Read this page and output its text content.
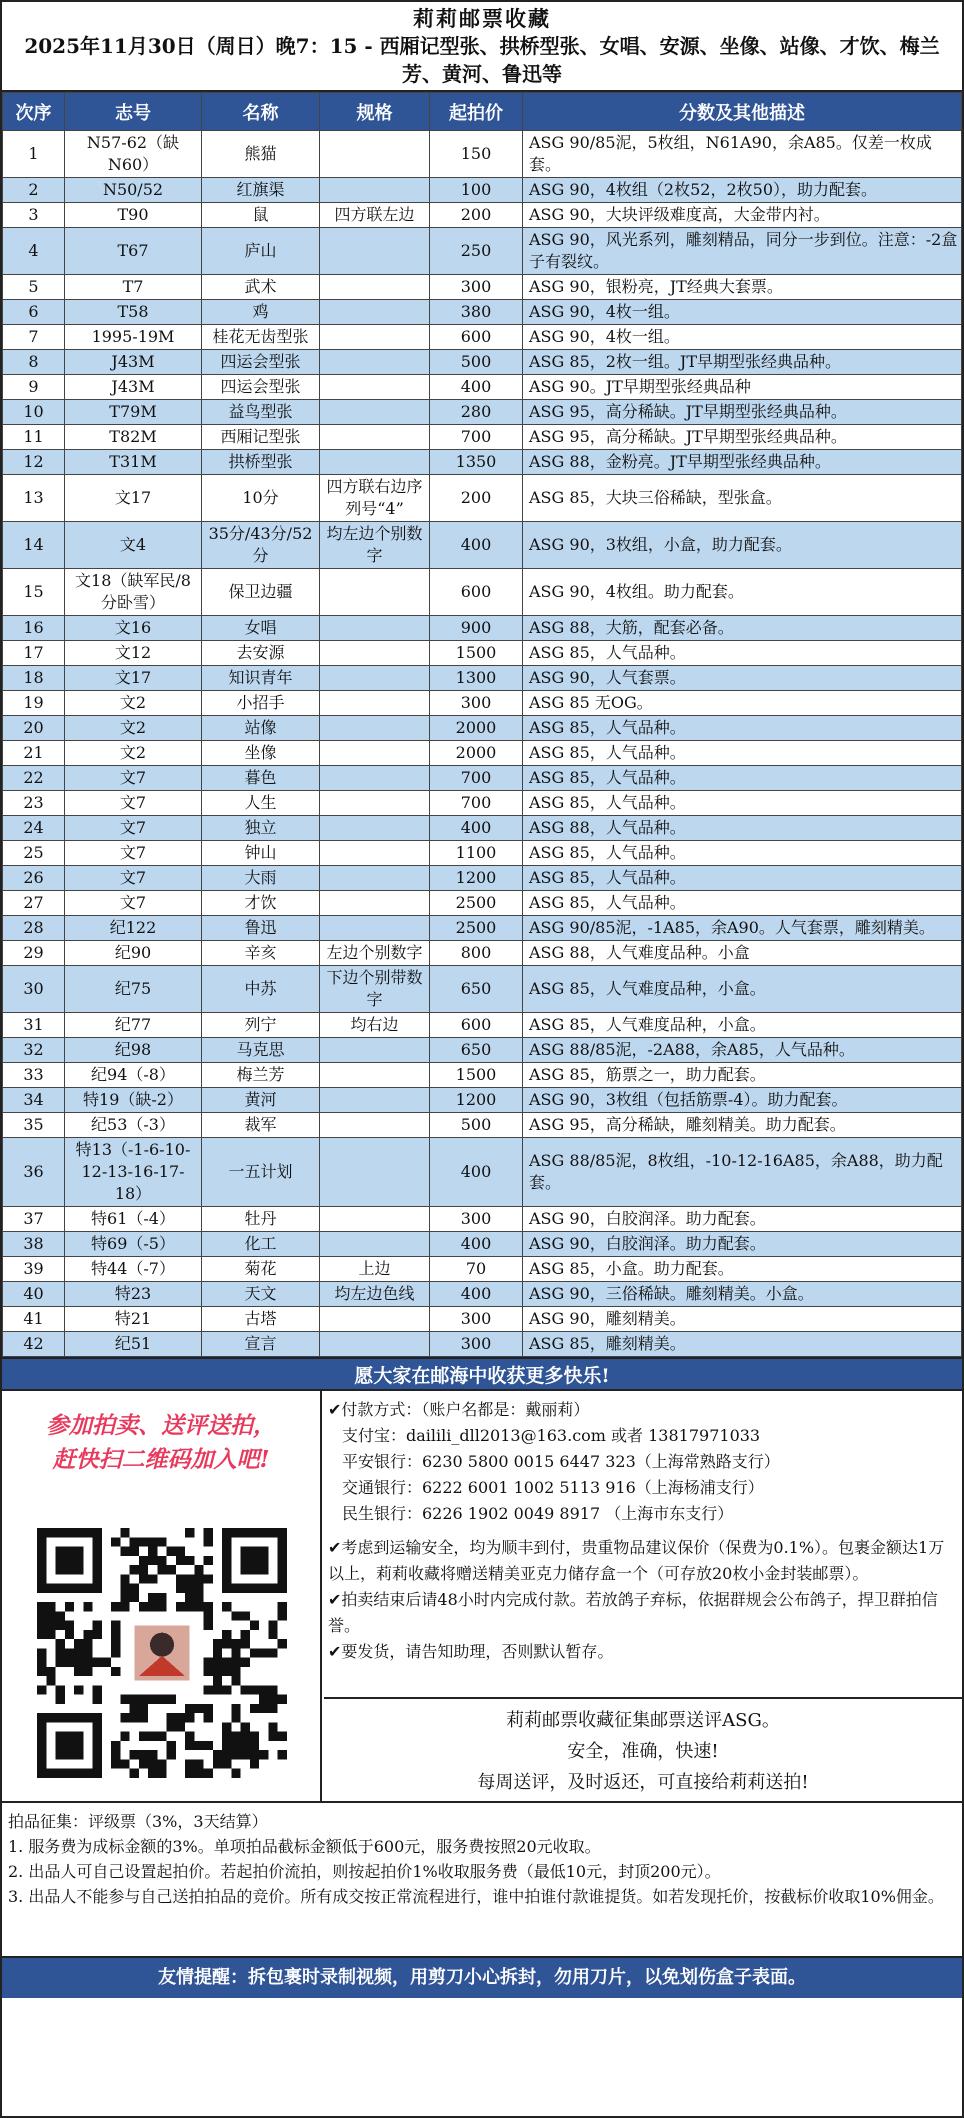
莉莉邮票收藏
2025年11月30日（周日）晚7：15 - 西厢记型张、拱桥型张、女唱、安源、坐像、站像、才饮、梅兰芳、黄河、鲁迅等
次序	志号	名称	规格	起拍价	分数及其他描述
1	N57-62（缺N60）	熊猫		150	ASG 90/85泥，5枚组，N61A90，余A85。仅差一枚成套。
2	N50/52	红旗渠		100	ASG 90，4枚组（2枚52，2枚50），助力配套。
3	T90	鼠	四方联左边	200	ASG 90，大块评级难度高，大金带内衬。
4	T67	庐山		250	ASG 90，风光系列，雕刻精品，同分一步到位。注意：-2盒子有裂纹。
5	T7	武术		300	ASG 90，银粉亮，JT经典大套票。
6	T58	鸡		380	ASG 90，4枚一组。
7	1995-19M	桂花无齿型张		600	ASG 90，4枚一组。
8	J43M	四运会型张		500	ASG 85，2枚一组。JT早期型张经典品种。
9	J43M	四运会型张		400	ASG 90。JT早期型张经典品种
10	T79M	益鸟型张		280	ASG 95，高分稀缺。JT早期型张经典品种。
11	T82M	西厢记型张		700	ASG 95，高分稀缺。JT早期型张经典品种。
12	T31M	拱桥型张		1350	ASG 88，金粉亮。JT早期型张经典品种。
13	文17	10分	四方联右边序列号“4”	200	ASG 85，大块三俗稀缺，型张盒。
14	文4	35分/43分/52分	均左边个别数字	400	ASG 90，3枚组，小盒，助力配套。
15	文18（缺军民/8分卧雪）	保卫边疆		600	ASG 90，4枚组。助力配套。
16	文16	女唱		900	ASG 88，大筋，配套必备。
17	文12	去安源		1500	ASG 85，人气品种。
18	文17	知识青年		1300	ASG 90，人气套票。
19	文2	小招手		300	ASG 85 无OG。
20	文2	站像		2000	ASG 85，人气品种。
21	文2	坐像		2000	ASG 85，人气品种。
22	文7	暮色		700	ASG 85，人气品种。
23	文7	人生		700	ASG 85，人气品种。
24	文7	独立		400	ASG 88，人气品种。
25	文7	钟山		1100	ASG 85，人气品种。
26	文7	大雨		1200	ASG 85，人气品种。
27	文7	才饮		2500	ASG 85，人气品种。
28	纪122	鲁迅		2500	ASG 90/85泥，-1A85，余A90。人气套票，雕刻精美。
29	纪90	辛亥	左边个别数字	800	ASG 88，人气难度品种。小盒
30	纪75	中苏	下边个别带数字	650	ASG 85，人气难度品种，小盒。
31	纪77	列宁	均右边	600	ASG 85，人气难度品种，小盒。
32	纪98	马克思		650	ASG 88/85泥，-2A88，余A85，人气品种。
33	纪94（-8）	梅兰芳		1500	ASG 85，筋票之一，助力配套。
34	特19（缺-2）	黄河		1200	ASG 90，3枚组（包括筋票-4）。助力配套。
35	纪53（-3）	裁军		500	ASG 95，高分稀缺，雕刻精美。助力配套。
36	特13（-1-6-10-12-13-16-17-18）	一五计划		400	ASG 88/85泥，8枚组，-10-12-16A85，余A88，助力配套。
37	特61（-4）	牡丹		300	ASG 90，白胶润泽。助力配套。
38	特69（-5）	化工		400	ASG 90，白胶润泽。助力配套。
39	特44（-7）	菊花	上边	70	ASG 85，小盒。助力配套。
40	特23	天文	均左边色线	400	ASG 90，三俗稀缺。雕刻精美。小盒。
41	特21	古塔		300	ASG 90，雕刻精美。
42	纪51	宣言		300	ASG 85，雕刻精美。
愿大家在邮海中收获更多快乐!
参加拍卖、送评送拍，
赶快扫二维码加入吧!
✔付款方式：（账户名都是：戴丽莉）
支付宝：dailili_dll2013@163.com 或者 13817971033
平安银行：6230 5800 0015 6447 323（上海常熟路支行）
交通银行：6222 6001 1002 5113 916（上海杨浦支行）
民生银行：6226 1902 0049 8917 （上海市东支行）
✔考虑到运输安全，均为顺丰到付，贵重物品建议保价（保费为0.1%）。包裹金额达1万以上，莉莉收藏将赠送精美亚克力储存盒一个（可存放20枚小金封装邮票）。
✔拍卖结束后请48小时内完成付款。若放鸽子弃标，依据群规会公布鸽子，捍卫群拍信誉。
✔要发货，请告知助理，否则默认暂存。
莉莉邮票收藏征集邮票送评ASG。
安全，准确，快速!
每周送评，及时返还，可直接给莉莉送拍!
拍品征集：评级票（3%，3天结算）
1. 服务费为成标金额的3%。单项拍品截标金额低于600元，服务费按照20元收取。
2. 出品人可自己设置起拍价。若起拍价流拍，则按起拍价1%收取服务费（最低10元，封顶200元）。
3. 出品人不能参与自己送拍拍品的竞价。所有成交按正常流程进行，谁中拍谁付款谁提货。如若发现托价，按截标价收取10%佣金。
友情提醒：拆包裹时录制视频，用剪刀小心拆封，勿用刀片，以免划伤盒子表面。
